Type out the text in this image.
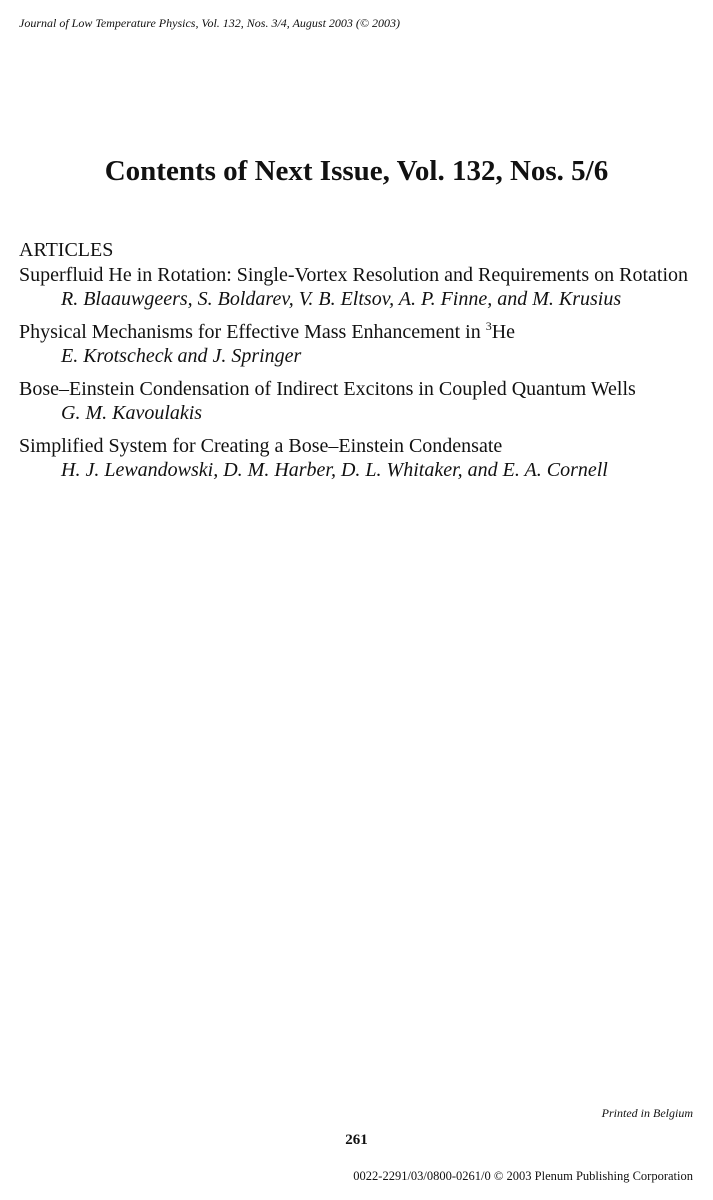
Journal of Low Temperature Physics, Vol. 132, Nos. 3/4, August 2003 (© 2003)
Contents of Next Issue, Vol. 132, Nos. 5/6
ARTICLES
Superfluid He in Rotation: Single-Vortex Resolution and Requirements on Rotation
R. Blaauwgeers, S. Boldarev, V. B. Eltsov, A. P. Finne, and M. Krusius
Physical Mechanisms for Effective Mass Enhancement in $^3$He
E. Krotscheck and J. Springer
Bose–Einstein Condensation of Indirect Excitons in Coupled Quantum Wells
G. M. Kavoulakis
Simplified System for Creating a Bose–Einstein Condensate
H. J. Lewandowski, D. M. Harber, D. L. Whitaker, and E. A. Cornell
Printed in Belgium
261
0022-2291/03/0800-0261/0 © 2003 Plenum Publishing Corporation
